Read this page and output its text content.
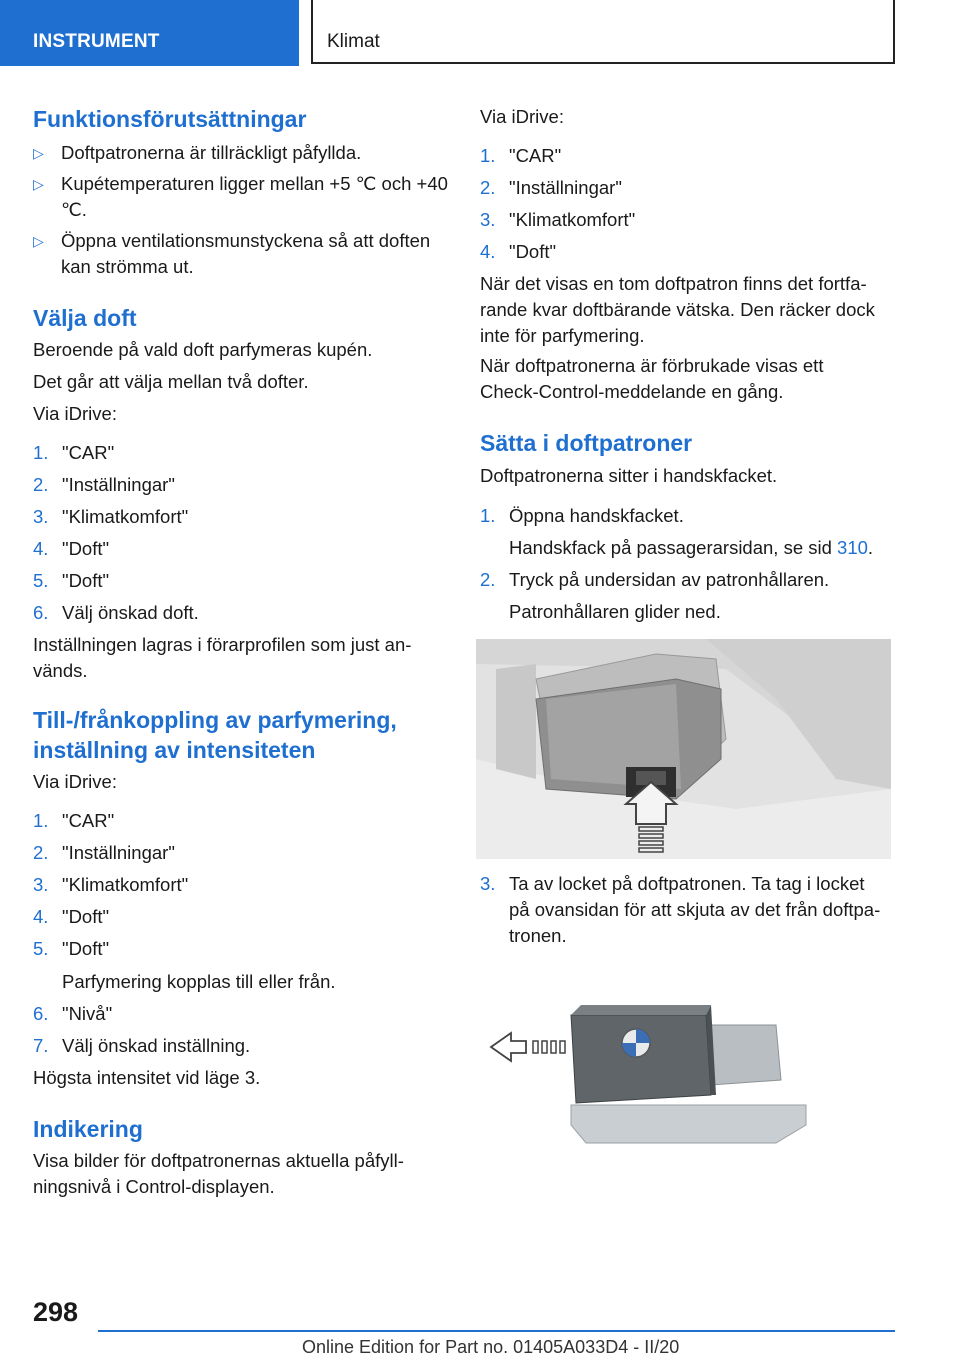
INSTRUMENT	Klimat
Funktionsförutsättningar
▷ Doftpatronerna är tillräckligt påfyllda.
▷ Kupétemperaturen ligger mellan +5 ℃ och +40 ℃.
▷ Öppna ventilationsmunstyckena så att doften kan strömma ut.
Välja doft

Beroende på vald doft parfymeras kupén.

Det går att välja mellan två dofter.

Via iDrive:

1. "CAR"
2. "Inställningar"
3. "Klimatkomfort"
4. "Doft"
5. "Doft"
6. Välj önskad doft.

Inställningen lagras i förarprofilen som just an-

vänds.

Till-/frånkoppling av parfymering,
inställning av intensiteten

Via iDrive:

1. "CAR"
2. "Inställningar"
3. "Klimatkomfort"
4. "Doft"
5. "Doft"
Parfymering kopplas till eller från.
6. "Nivå"
7. Välj önskad inställning.

Högsta intensitet vid läge 3.

Indikering

Visa bilder för doftpatronernas aktuella påfyll-

ningsnivå i Control-displayen.

Via iDrive:

1. "CAR"
2. "Inställningar"
3. "Klimatkomfort"
4. "Doft"

När det visas en tom doftpatron finns det fortfa-

rande kvar doftbärande vätska. Den räcker dock

inte för parfymering.

När doftpatronerna är förbrukade visas ett

Check-Control-meddelande en gång.

Sätta i doftpatroner

Doftpatronerna sitter i handskfacket.

1. Öppna handskfacket.
Handskfack på passagerarsidan, se sid 310.
2. Tryck på undersidan av patronhållaren.
Patronhållaren glider ned.
3. Ta av locket på doftpatronen. Ta tag i locket
på ovansidan för att skjuta av det från doftpa-
tronen.
298
Online Edition for Part no. 01405A033D4 - II/20
